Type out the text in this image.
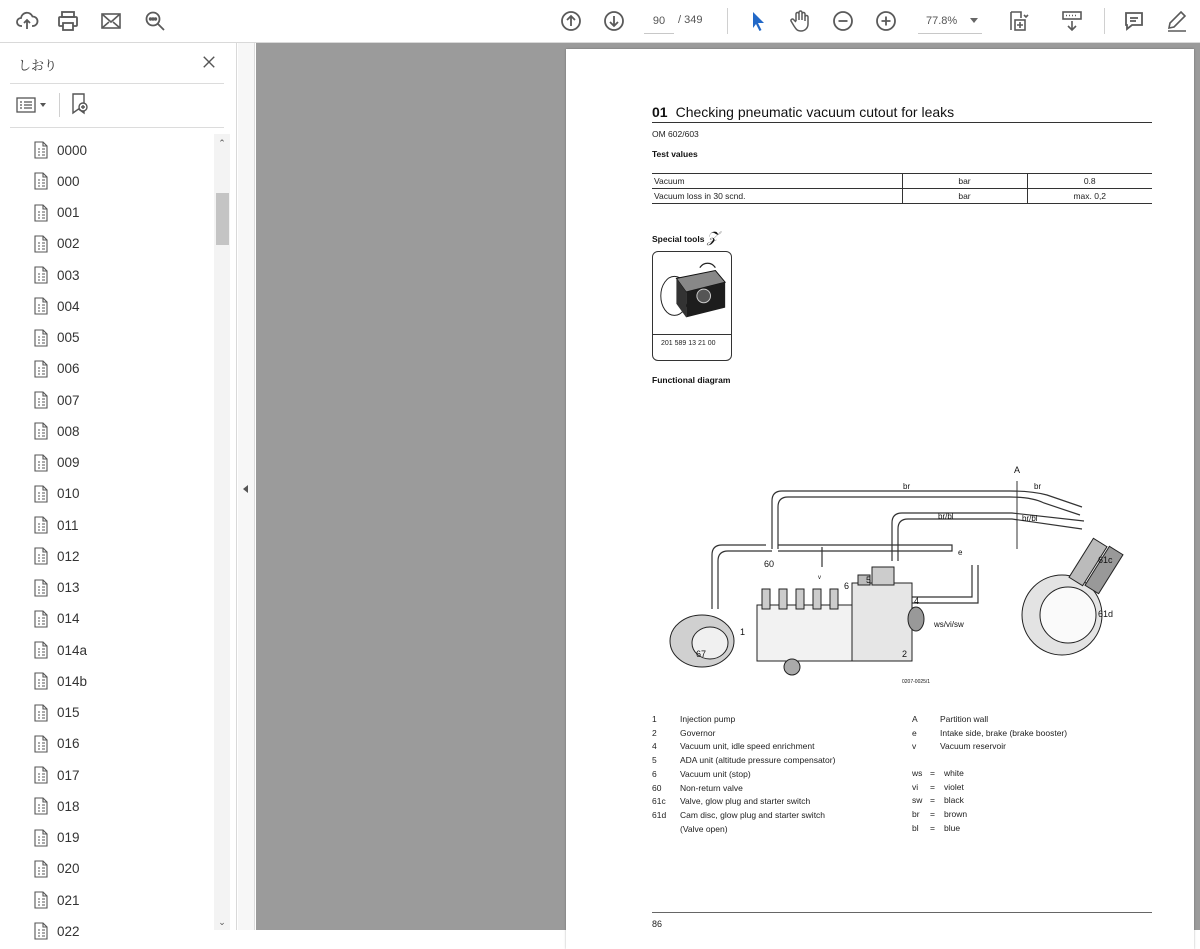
90
/ 349	77.8%
しおり
0000
000
001
002
003
004
005
006
007
008
009
010
011
012
013
014
014a
014b
015
016
017
018
019
020
021
022
⌃
⌄
01 Checking pneumatic vacuum cutout for leaks
OM 602/603
Test values
Vacuum	bar	0.8
Vacuum loss in 30 scnd.	bar	max. 0,2
Special tools 𝒵
201 589 13 21 00
Functional diagram
A
br	br
br/bl	br/bl
e
v
60	61c
61d
6
5
4
1
2
67
ws/vi/sw
0207-0025/1
1	Injection pump
2	Governor
4	Vacuum unit, idle speed enrichment
5	ADA unit (altitude pressure compensator)
6	Vacuum unit (stop)
60	Non-return valve
61c	Valve, glow plug and starter switch
61d	Cam disc, glow plug and starter switch
(Valve open)
A	Partition wall
e	Intake side, brake (brake booster)
v	Vacuum reservoir
ws =	white
vi	=	violet
sw =	black
br	=	brown
bl	=	blue
86
